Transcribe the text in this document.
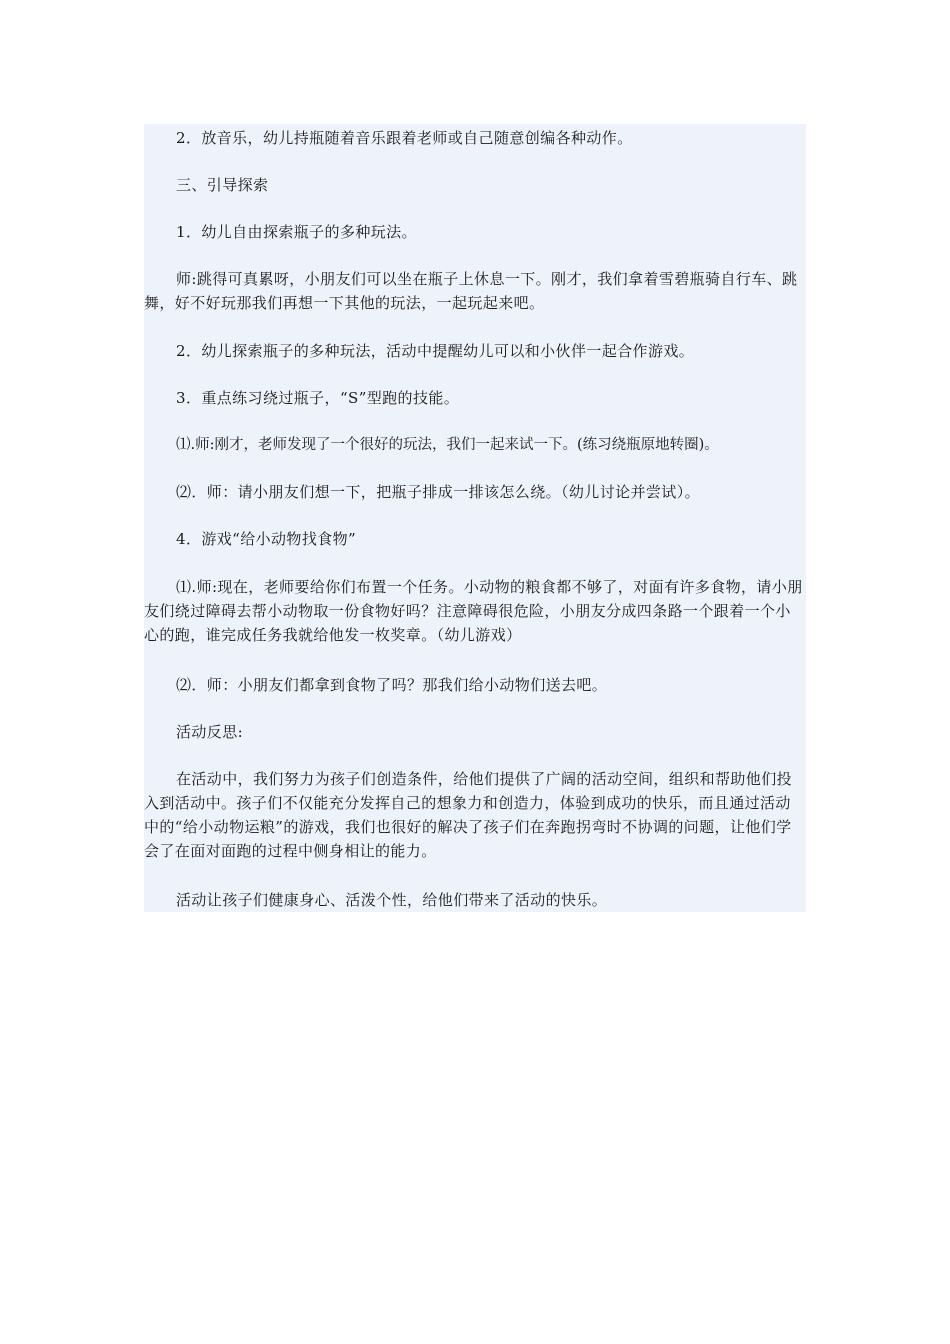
2．放音乐，幼儿持瓶随着音乐跟着老师或自己随意创编各种动作。

三、引导探索

1．幼儿自由探索瓶子的多种玩法。

师:跳得可真累呀，小朋友们可以坐在瓶子上休息一下。刚才，我们拿着雪碧瓶骑自行车、跳舞，好不好玩那我们再想一下其他的玩法，一起玩起来吧。

2．幼儿探索瓶子的多种玩法，活动中提醒幼儿可以和小伙伴一起合作游戏。

3．重点练习绕过瓶子，“S”型跑的技能。

⑴.师:刚才，老师发现了一个很好的玩法，我们一起来试一下。(练习绕瓶原地转圈)。

⑵．师：请小朋友们想一下，把瓶子排成一排该怎么绕。（幼儿讨论并尝试）。

4．游戏“给小动物找食物”

⑴.师:现在，老师要给你们布置一个任务。小动物的粮食都不够了，对面有许多食物，请小朋友们绕过障碍去帮小动物取一份食物好吗？注意障碍很危险，小朋友分成四条路一个跟着一个小心的跑，谁完成任务我就给他发一枚奖章。（幼儿游戏）

⑵．师：小朋友们都拿到食物了吗？那我们给小动物们送去吧。

活动反思:

在活动中，我们努力为孩子们创造条件，给他们提供了广阔的活动空间，组织和帮助他们投入到活动中。孩子们不仅能充分发挥自己的想象力和创造力，体验到成功的快乐，而且通过活动中的“给小动物运粮”的游戏，我们也很好的解决了孩子们在奔跑拐弯时不协调的问题，让他们学会了在面对面跑的过程中侧身相让的能力。

活动让孩子们健康身心、活泼个性，给他们带来了活动的快乐。
